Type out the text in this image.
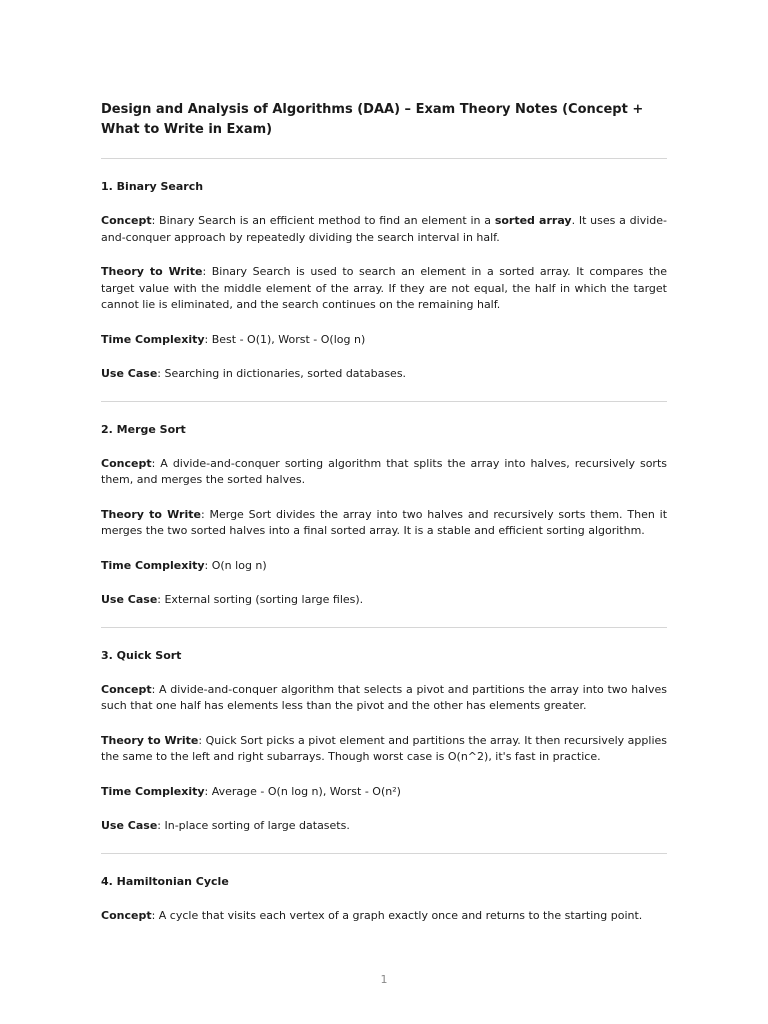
Design and Analysis of Algorithms (DAA) – Exam Theory Notes (Concept + What to Write in Exam)
1. Binary Search

Concept: Binary Search is an efficient method to find an element in a sorted array. It uses a divide-and-conquer approach by repeatedly dividing the search interval in half.

Theory to Write: Binary Search is used to search an element in a sorted array. It compares the target value with the middle element of the array. If they are not equal, the half in which the target cannot lie is eliminated, and the search continues on the remaining half.

Time Complexity: Best - O(1), Worst - O(log n)

Use Case: Searching in dictionaries, sorted databases.

2. Merge Sort

Concept: A divide-and-conquer sorting algorithm that splits the array into halves, recursively sorts them, and merges the sorted halves.

Theory to Write: Merge Sort divides the array into two halves and recursively sorts them. Then it merges the two sorted halves into a final sorted array. It is a stable and efficient sorting algorithm.

Time Complexity: O(n log n)

Use Case: External sorting (sorting large files).

3. Quick Sort

Concept: A divide-and-conquer algorithm that selects a pivot and partitions the array into two halves such that one half has elements less than the pivot and the other has elements greater.

Theory to Write: Quick Sort picks a pivot element and partitions the array. It then recursively applies the same to the left and right subarrays. Though worst case is O(n^2), it's fast in practice.

Time Complexity: Average - O(n log n), Worst - O(n²)

Use Case: In-place sorting of large datasets.

4. Hamiltonian Cycle

Concept: A cycle that visits each vertex of a graph exactly once and returns to the starting point.

1
